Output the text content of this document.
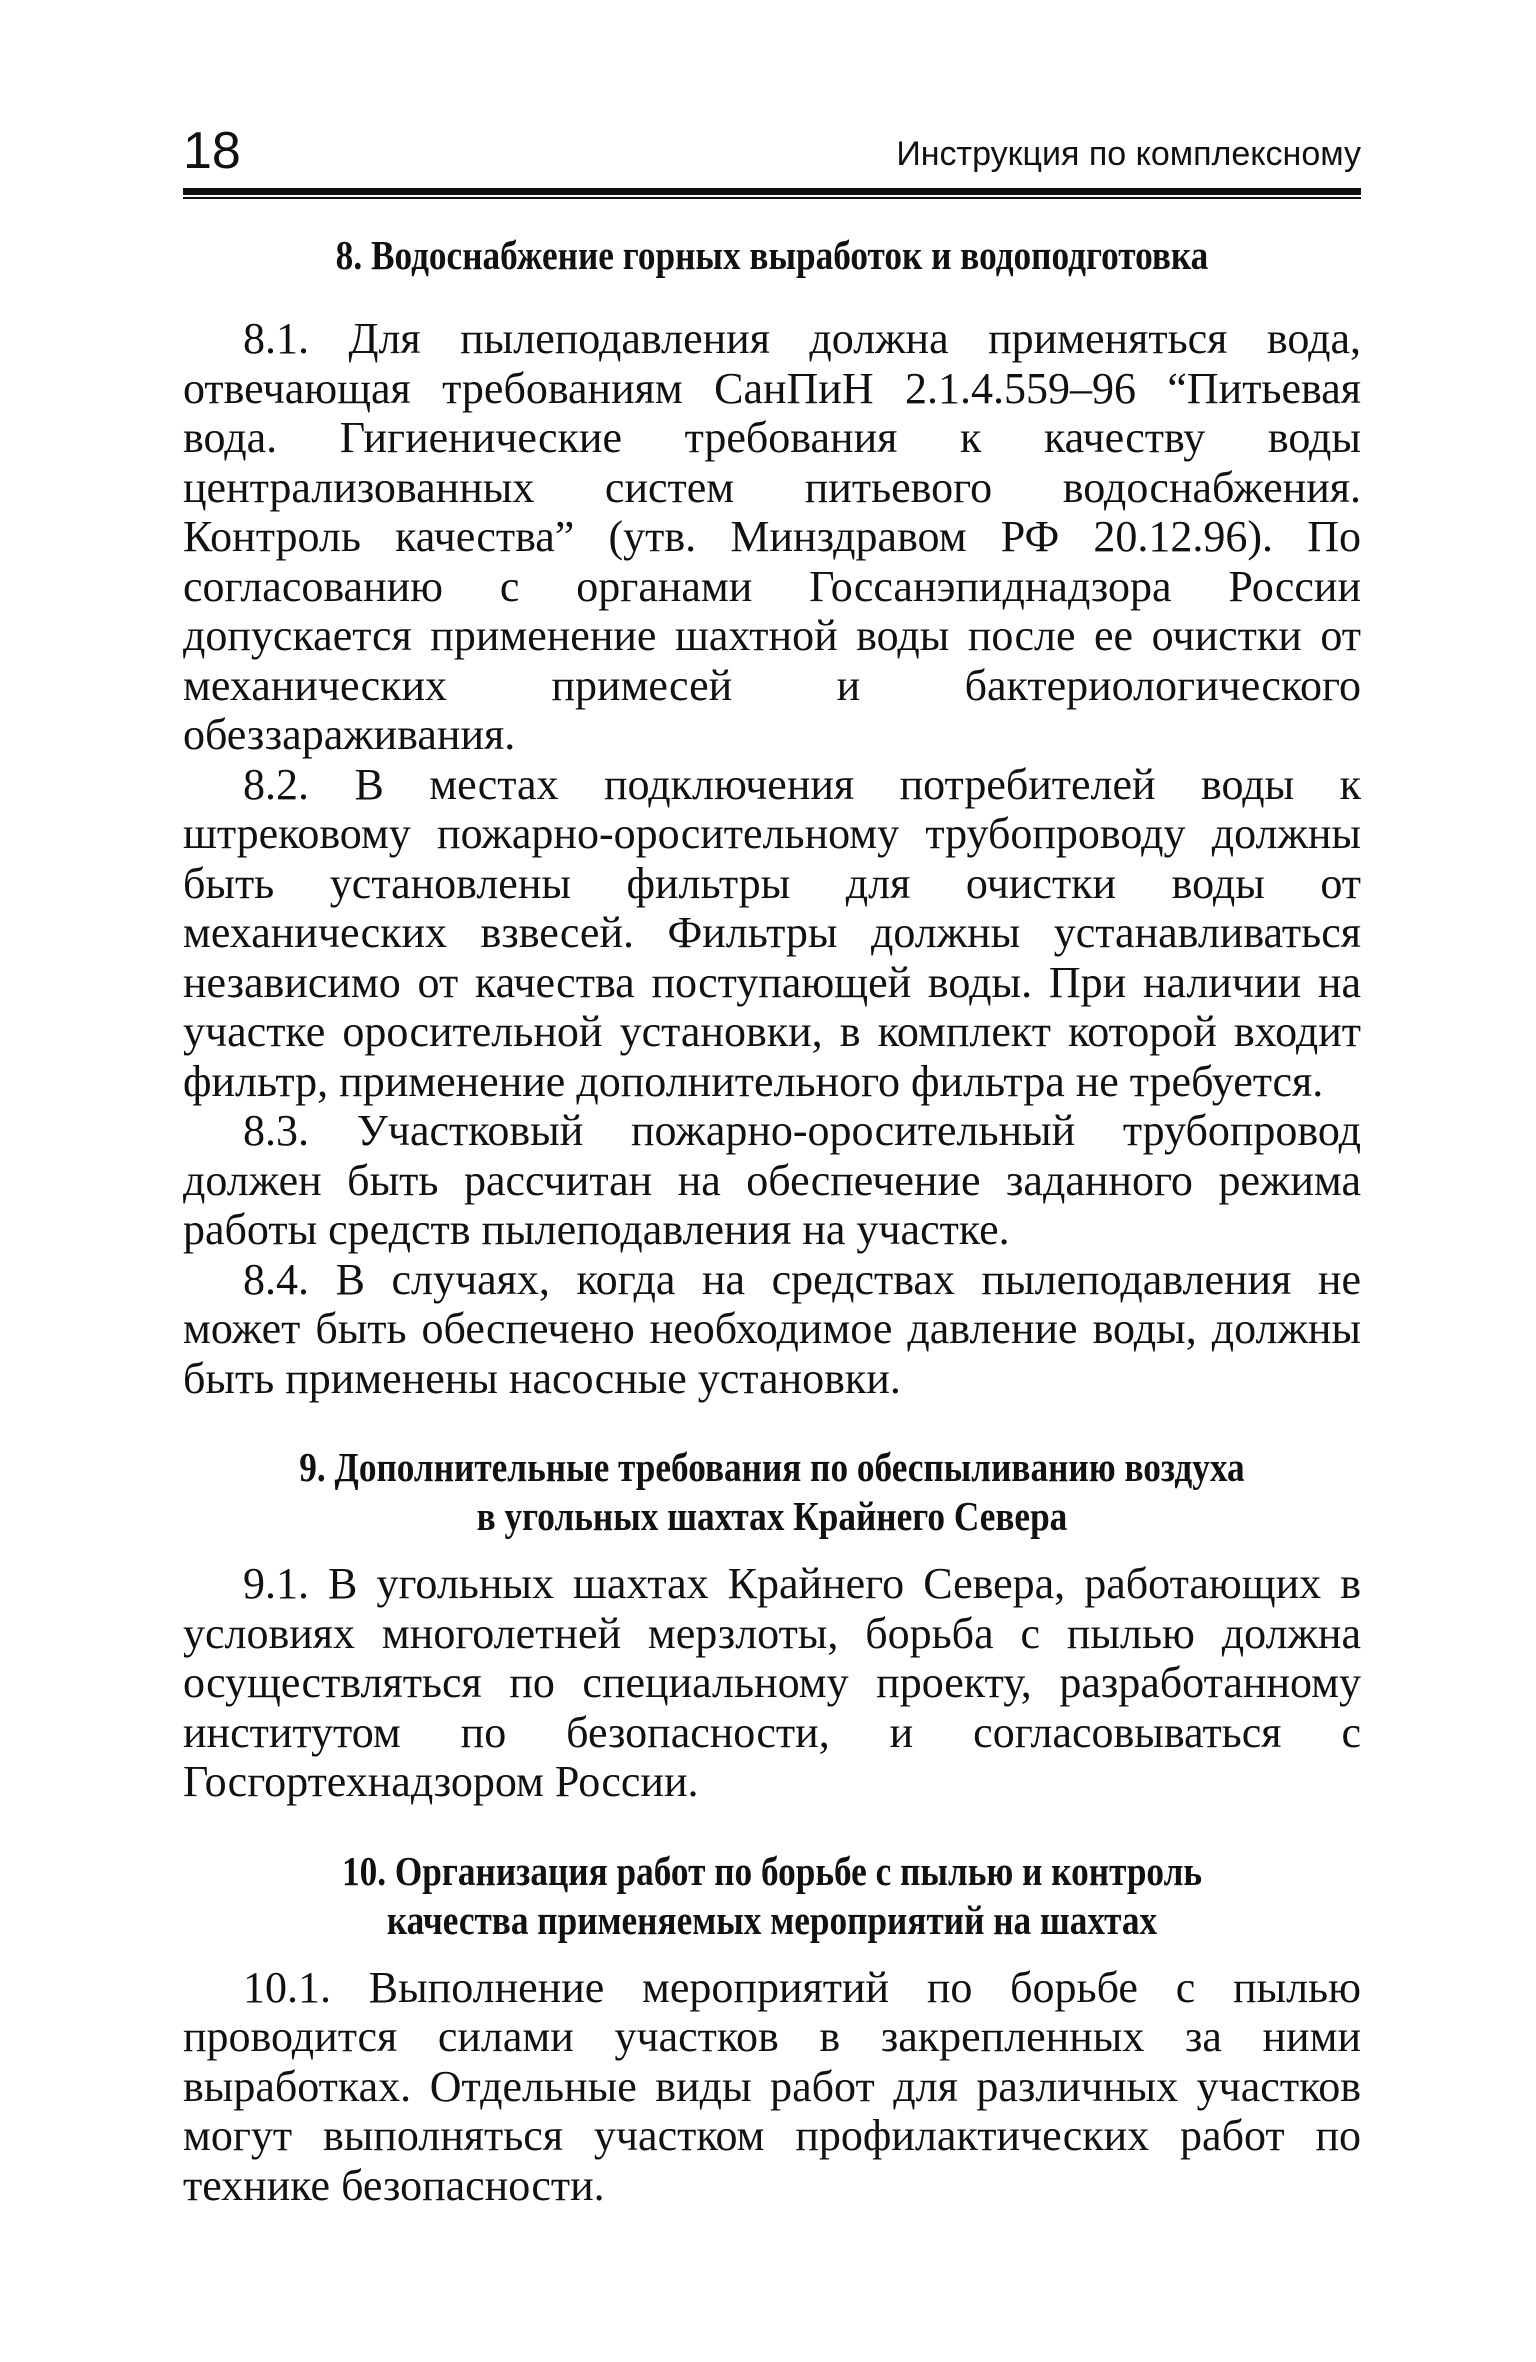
18	Инструкция по комплексному
8. Водоснабжение горных выработок и водоподготовка

8.1. Для пылеподавления должна применяться вода, отвечающая требованиям СанПиН 2.1.4.559–96 “Питьевая вода. Гигиенические требования к качеству воды централизованных систем питьевого водоснабжения. Контроль качества” (утв. Минздравом РФ 20.12.96). По согласованию с органами Госсанэпиднадзора России допускается применение шахтной воды после ее очистки от механических примесей и бактериологического обеззараживания.

8.2. В местах подключения потребителей воды к штрековому пожарно-оросительному трубопроводу должны быть установлены фильтры для очистки воды от механических взвесей. Фильтры должны устанавливаться независимо от качества поступающей воды. При наличии на участке оросительной установки, в комплект которой входит фильтр, применение дополнительного фильтра не требуется.

8.3. Участковый пожарно-оросительный трубопровод должен быть рассчитан на обеспечение заданного режима работы средств пылеподавления на участке.

8.4. В случаях, когда на средствах пылеподавления не может быть обеспечено необходимое давление воды, должны быть применены насосные установки.

9. Дополнительные требования по обеспыливанию воздуха
в угольных шахтах Крайнего Севера

9.1. В угольных шахтах Крайнего Севера, работающих в условиях многолетней мерзлоты, борьба с пылью должна осуществляться по специальному проекту, разработанному институтом по безопасности, и согласовываться с Госгортехнадзором России.

10. Организация работ по борьбе с пылью и контроль
качества применяемых мероприятий на шахтах

10.1. Выполнение мероприятий по борьбе с пылью проводится силами участков в закрепленных за ними выработках. Отдельные виды работ для различных участков могут выполняться участком профилактических работ по технике безопасности.
